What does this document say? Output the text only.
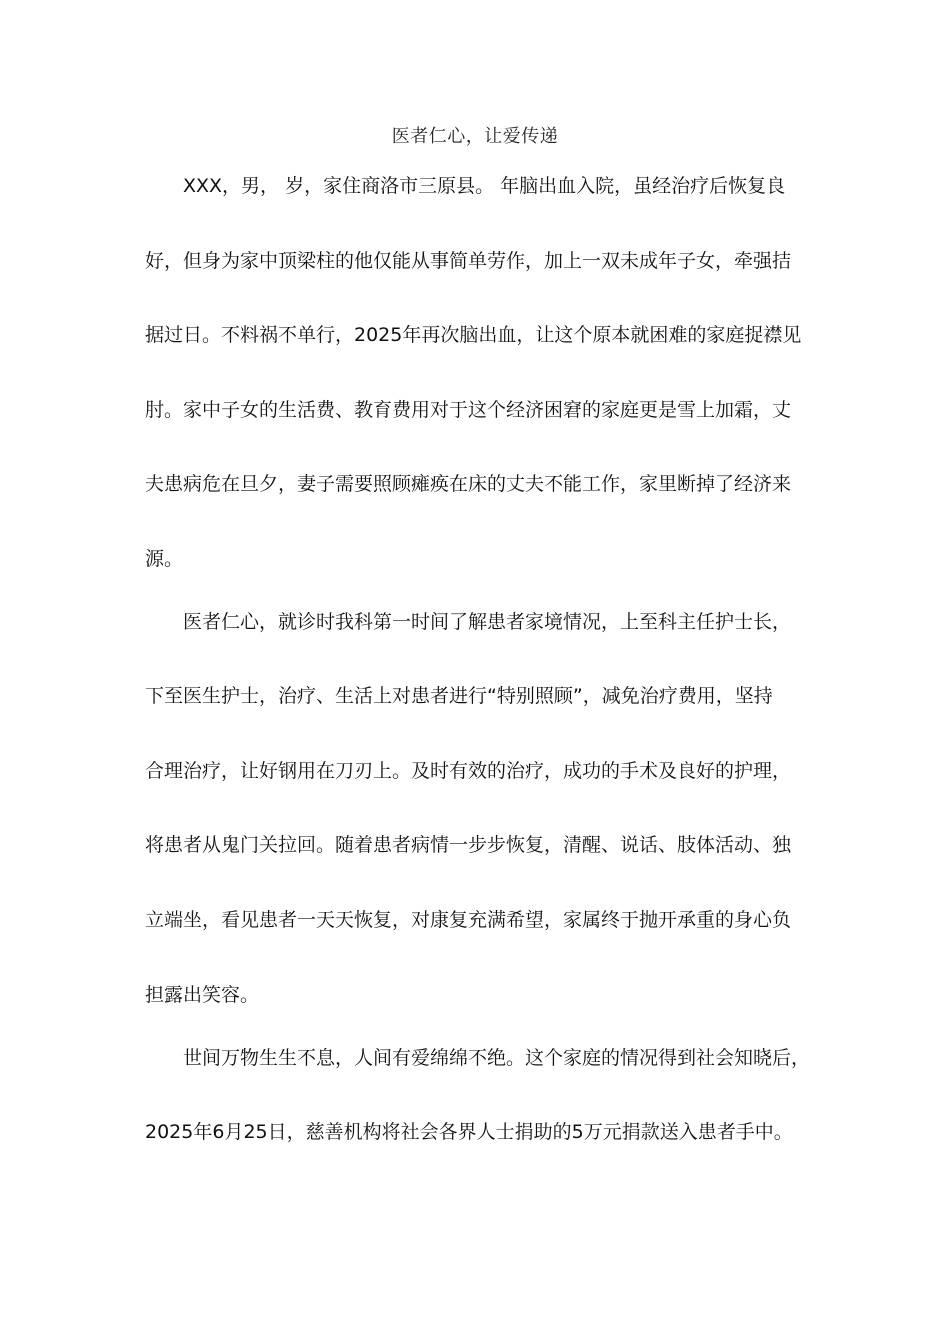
医者仁心，让爱传递
XXX，男， 岁，家住商洛市三原县。 年脑出血入院，虽经治疗后恢复良
好，但身为家中顶梁柱的他仅能从事简单劳作，加上一双未成年子女，牵强拮
据过日。不料祸不单行，2025年再次脑出血，让这个原本就困难的家庭捉襟见
肘。家中子女的生活费、教育费用对于这个经济困窘的家庭更是雪上加霜，丈
夫患病危在旦夕，妻子需要照顾瘫痪在床的丈夫不能工作，家里断掉了经济来
源。
医者仁心，就诊时我科第一时间了解患者家境情况，上至科主任护士长，
下至医生护士，治疗、生活上对患者进行“特别照顾”，减免治疗费用，坚持
合理治疗，让好钢用在刀刃上。及时有效的治疗，成功的手术及良好的护理，
将患者从鬼门关拉回。随着患者病情一步步恢复，清醒、说话、肢体活动、独
立端坐，看见患者一天天恢复，对康复充满希望，家属终于抛开承重的身心负
担露出笑容。
世间万物生生不息，人间有爱绵绵不绝。这个家庭的情况得到社会知晓后，
2025年6月25日，慈善机构将社会各界人士捐助的5万元捐款送入患者手中。
